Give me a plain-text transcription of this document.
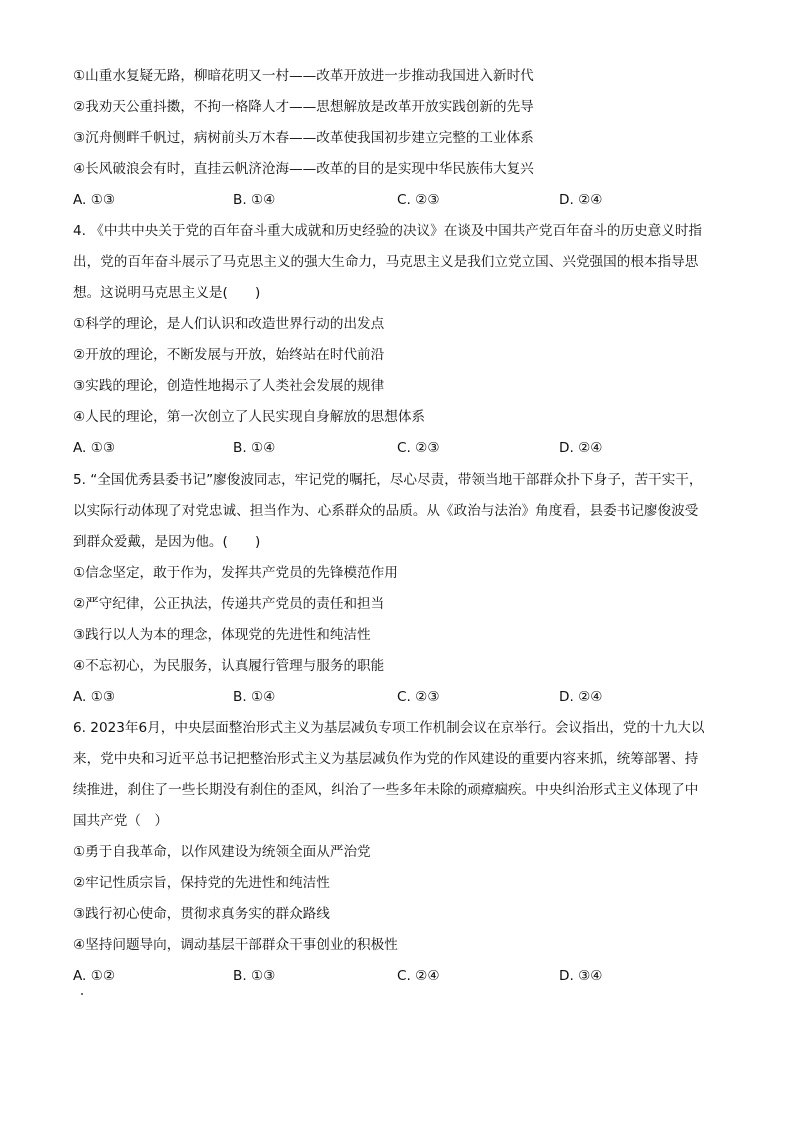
①山重水复疑无路，柳暗花明又一村——改革开放进一步推动我国进入新时代
②我劝天公重抖擞，不拘一格降人才——思想解放是改革开放实践创新的先导
③沉舟侧畔千帆过，病树前头万木春——改革使我国初步建立完整的工业体系
④长风破浪会有时，直挂云帆济沧海——改革的目的是实现中华民族伟大复兴
A. ①③	B. ①④	C. ②③	D. ②④
4. 《中共中央关于党的百年奋斗重大成就和历史经验的决议》在谈及中国共产党百年奋斗的历史意义时指
出，党的百年奋斗展示了马克思主义的强大生命力，马克思主义是我们立党立国、兴党强国的根本指导思
想。这说明马克思主义是(　　)
①科学的理论，是人们认识和改造世界行动的出发点
②开放的理论，不断发展与开放，始终站在时代前沿
③实践的理论，创造性地揭示了人类社会发展的规律
④人民的理论，第一次创立了人民实现自身解放的思想体系
A. ①③	B. ①④	C. ②③	D. ②④
5. “全国优秀县委书记”廖俊波同志，牢记党的嘱托，尽心尽责，带领当地干部群众扑下身子，苦干实干，
以实际行动体现了对党忠诚、担当作为、心系群众的品质。从《政治与法治》角度看，县委书记廖俊波受
到群众爱戴，是因为他。(　　)
①信念坚定，敢于作为，发挥共产党员的先锋模范作用
②严守纪律，公正执法，传递共产党员的责任和担当
③践行以人为本的理念，体现党的先进性和纯洁性
④不忘初心，为民服务，认真履行管理与服务的职能
A. ①③	B. ①④	C. ②③	D. ②④
6. 2023年6月，中央层面整治形式主义为基层减负专项工作机制会议在京举行。会议指出，党的十九大以
来，党中央和习近平总书记把整治形式主义为基层减负作为党的作风建设的重要内容来抓，统筹部署、持
续推进，刹住了一些长期没有刹住的歪风，纠治了一些多年未除的顽瘴痼疾。中央纠治形式主义体现了中
国共产党（　）
①勇于自我革命，以作风建设为统领全面从严治党
②牢记性质宗旨，保持党的先进性和纯洁性
③践行初心使命，贯彻求真务实的群众路线
④坚持问题导向，调动基层干部群众干事创业的积极性
A. ①②	B. ①③	C. ②④	D. ③④
